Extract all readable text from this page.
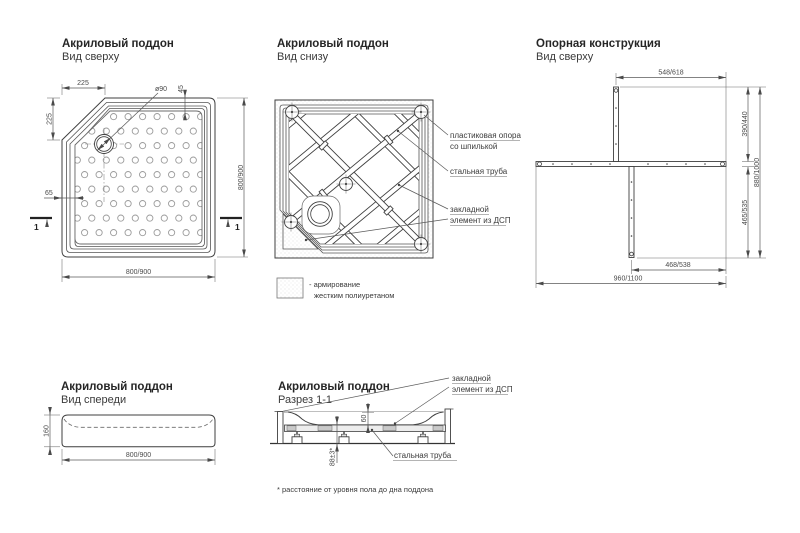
Акриловый поддон
Вид сверху
ø90
225
225
45
65
1	1
800/900
800/900
Акриловый поддон
Вид снизу
пластиковая опора
со шпилькой
стальная труба
закладной
элемент из ДСП
- армирование
жестким полиуретаном
Опорная конструкция
Вид сверху
548/618
390/440
465/535
880/1000
468/538
960/1100
Акриловый поддон
Вид спереди
160
800/900
Акриловый поддон
Разрез 1-1
60
88±3*
закладной
элемент из ДСП
стальная труба
* расстояние от уровня пола до дна поддона
